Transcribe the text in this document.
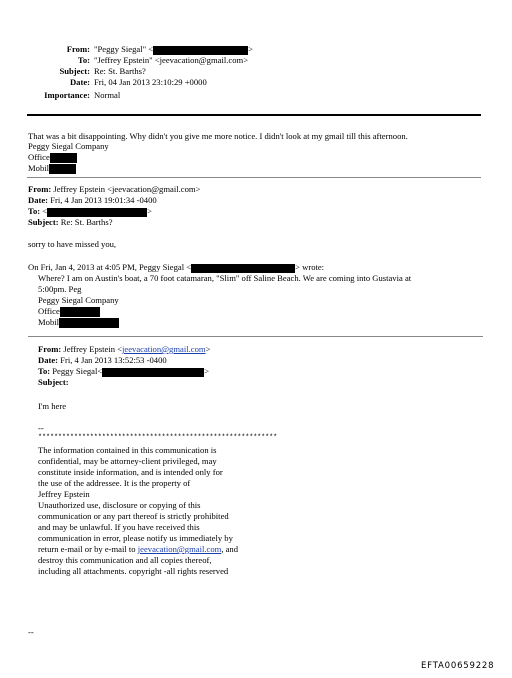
From: "Peggy Siegal" <	>
To: "Jeffrey Epstein" <jeevacation@gmail.com>
Subject: Re: St. Barths?
Date: Fri, 04 Jan 2013 23:10:29 +0000
Importance: Normal
That was a bit disappointing. Why didn't you give me more notice. I didn't look at my gmail till this afternoon.
Peggy Siegal Company
Office
Mobil
From: Jeffrey Epstein <jeevacation@gmail.com>
Date: Fri, 4 Jan 2013 19:01:34 -0400
To: <	>
Subject: Re: St. Barths?
sorry to have missed you,
On Fri, Jan 4, 2013 at 4:05 PM, Peggy Siegal <	> wrote:
Where? I am on Austin's boat, a 70 foot catamaran, "Slim" off Saline Beach. We are coming into Gustavia at
5:00pm. Peg
Peggy Siegal Company
Office
Mobil
From: Jeffrey Epstein <jeevacation@gmail.com>
Date: Fri, 4 Jan 2013 13:52:53 -0400
To: Peggy Siegal<	>
Subject:
I'm here
--
************************************************************
The information contained in this communication is
confidential, may be attorney-client privileged, may
constitute inside information, and is intended only for
the use of the addressee. It is the property of
Jeffrey Epstein
Unauthorized use, disclosure or copying of this
communication or any part thereof is strictly prohibited
and may be unlawful. If you have received this
communication in error, please notify us immediately by
return e-mail or by e-mail to jeevacation@gmail.com, and
destroy this communication and all copies thereof,
including all attachments. copyright -all rights reserved
--
EFTA00659228
